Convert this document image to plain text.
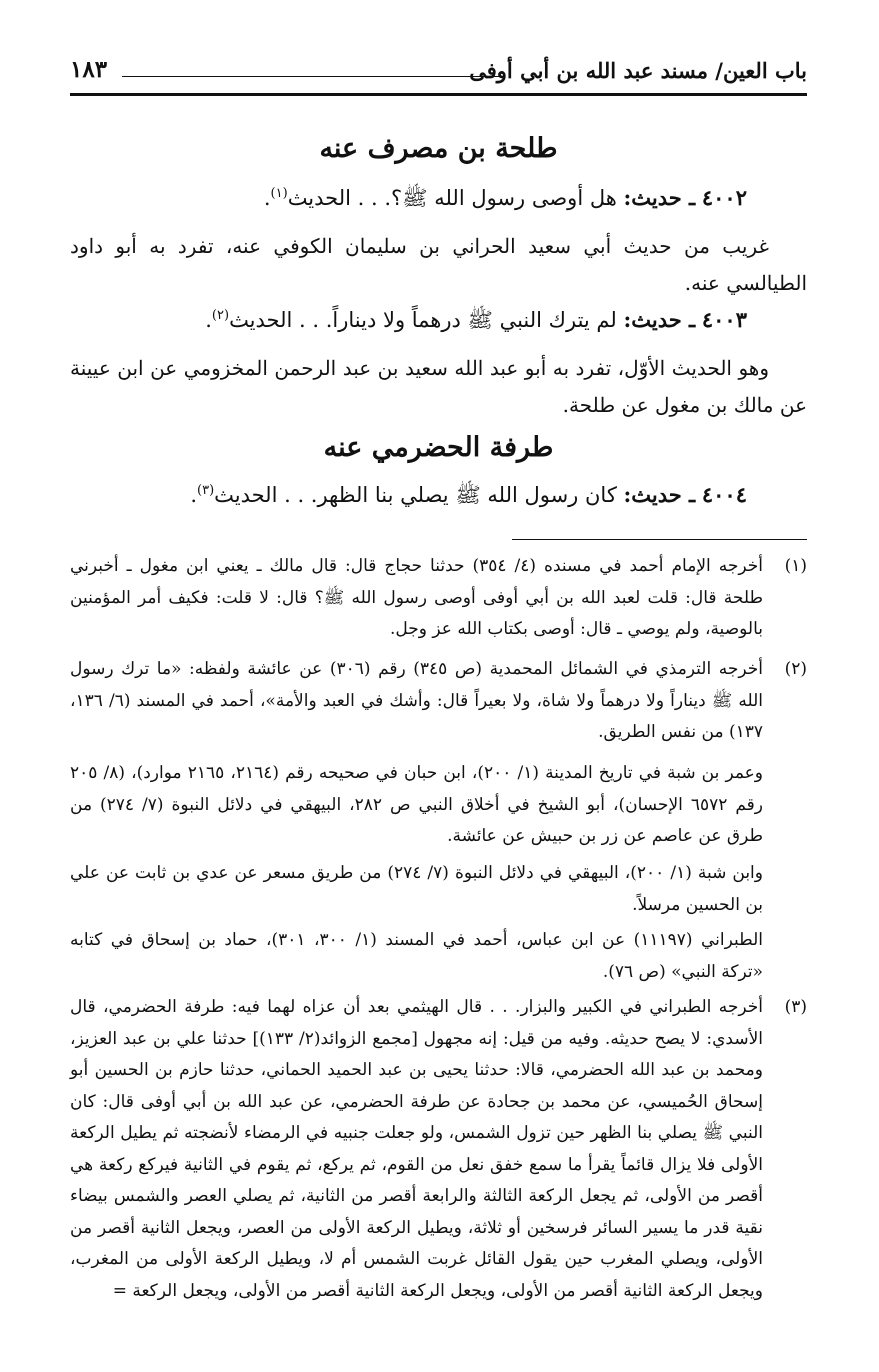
باب العين/ مسند عبد الله بن أبي أوفى
١٨٣
طلحة بن مصرف عنه
٤٠٠٢ ـ حديث: هل أوصى رسول الله ﷺ؟. . . الحديث$^{(١)}$.
غريب من حديث أبي سعيد الحراني بن سليمان الكوفي عنه، تفرد به أبو داود الطيالسي عنه.
٤٠٠٣ ـ حديث: لم يترك النبي ﷺ درهماً ولا ديناراً. . . الحديث$^{(٢)}$.
وهو الحديث الأوّل، تفرد به أبو عبد الله سعيد بن عبد الرحمن المخزومي عن ابن عيينة عن مالك بن مغول عن طلحة.
طرفة الحضرمي عنه
٤٠٠٤ ـ حديث: كان رسول الله ﷺ يصلي بنا الظهر. . . الحديث$^{(٣)}$.
(١)
أخرجه الإمام أحمد في مسنده (٤/ ٣٥٤) حدثنا حجاج قال: قال مالك ـ يعني ابن مغول ـ أخبرني طلحة قال: قلت لعبد الله بن أبي أوفى أوصى رسول الله ﷺ؟ قال: لا قلت: فكيف أمر المؤمنين بالوصية، ولم يوصي ـ قال: أوصى بكتاب الله عز وجل.
(٢)
أخرجه الترمذي في الشمائل المحمدية (ص ٣٤٥) رقم (٣٠٦) عن عائشة ولفظه: «ما ترك رسول الله ﷺ ديناراً ولا درهماً ولا شاة، ولا بعيراً قال: وأشك في العبد والأمة»، أحمد في المسند (٦/ ١٣٦، ١٣٧) من نفس الطريق.
وعمر بن شبة في تاريخ المدينة (١/ ٢٠٠)، ابن حبان في صحيحه رقم (٢١٦٤، ٢١٦٥ موارد)، (٨/ ٢٠٥ رقم ٦٥٧٢ الإحسان)، أبو الشيخ في أخلاق النبي ص ٢٨٢، البيهقي في دلائل النبوة (٧/ ٢٧٤) من طرق عن عاصم عن زر بن حبيش عن عائشة.
وابن شبة (١/ ٢٠٠)، البيهقي في دلائل النبوة (٧/ ٢٧٤) من طريق مسعر عن عدي بن ثابت عن علي بن الحسين مرسلاً.
الطبراني (١١١٩٧) عن ابن عباس، أحمد في المسند (١/ ٣٠٠، ٣٠١)، حماد بن إسحاق في كتابه «تركة النبي» (ص ٧٦).
(٣)
أخرجه الطبراني في الكبير والبزار. . . قال الهيثمي بعد أن عزاه لهما فيه: طرفة الحضرمي، قال الأسدي: لا يصح حديثه. وفيه من قيل: إنه مجهول [مجمع الزوائد(٢/ ١٣٣)] حدثنا علي بن عبد العزيز، ومحمد بن عبد الله الحضرمي، قالا: حدثنا يحيى بن عبد الحميد الحماني، حدثنا حازم بن الحسين أبو إسحاق الحُميسي، عن محمد بن جحادة عن طرفة الحضرمي، عن عبد الله بن أبي أوفى قال: كان النبي ﷺ يصلي بنا الظهر حين تزول الشمس، ولو جعلت جنبيه في الرمضاء لأنضجته ثم يطيل الركعة الأولى فلا يزال قائماً يقرأ ما سمع خفق نعل من القوم، ثم يركع، ثم يقوم في الثانية فيركع ركعة هي أقصر من الأولى، ثم يجعل الركعة الثالثة والرابعة أقصر من الثانية، ثم يصلي العصر والشمس بيضاء نقية قدر ما يسير السائر فرسخين أو ثلاثة، ويطيل الركعة الأولى من العصر، ويجعل الثانية أقصر من الأولى، ويصلي المغرب حين يقول القائل غربت الشمس أم لا، ويطيل الركعة الأولى من المغرب، ويجعل الركعة الثانية أقصر من الأولى، ويجعل الركعة الثانية أقصر من الأولى، ويجعل الركعة =
